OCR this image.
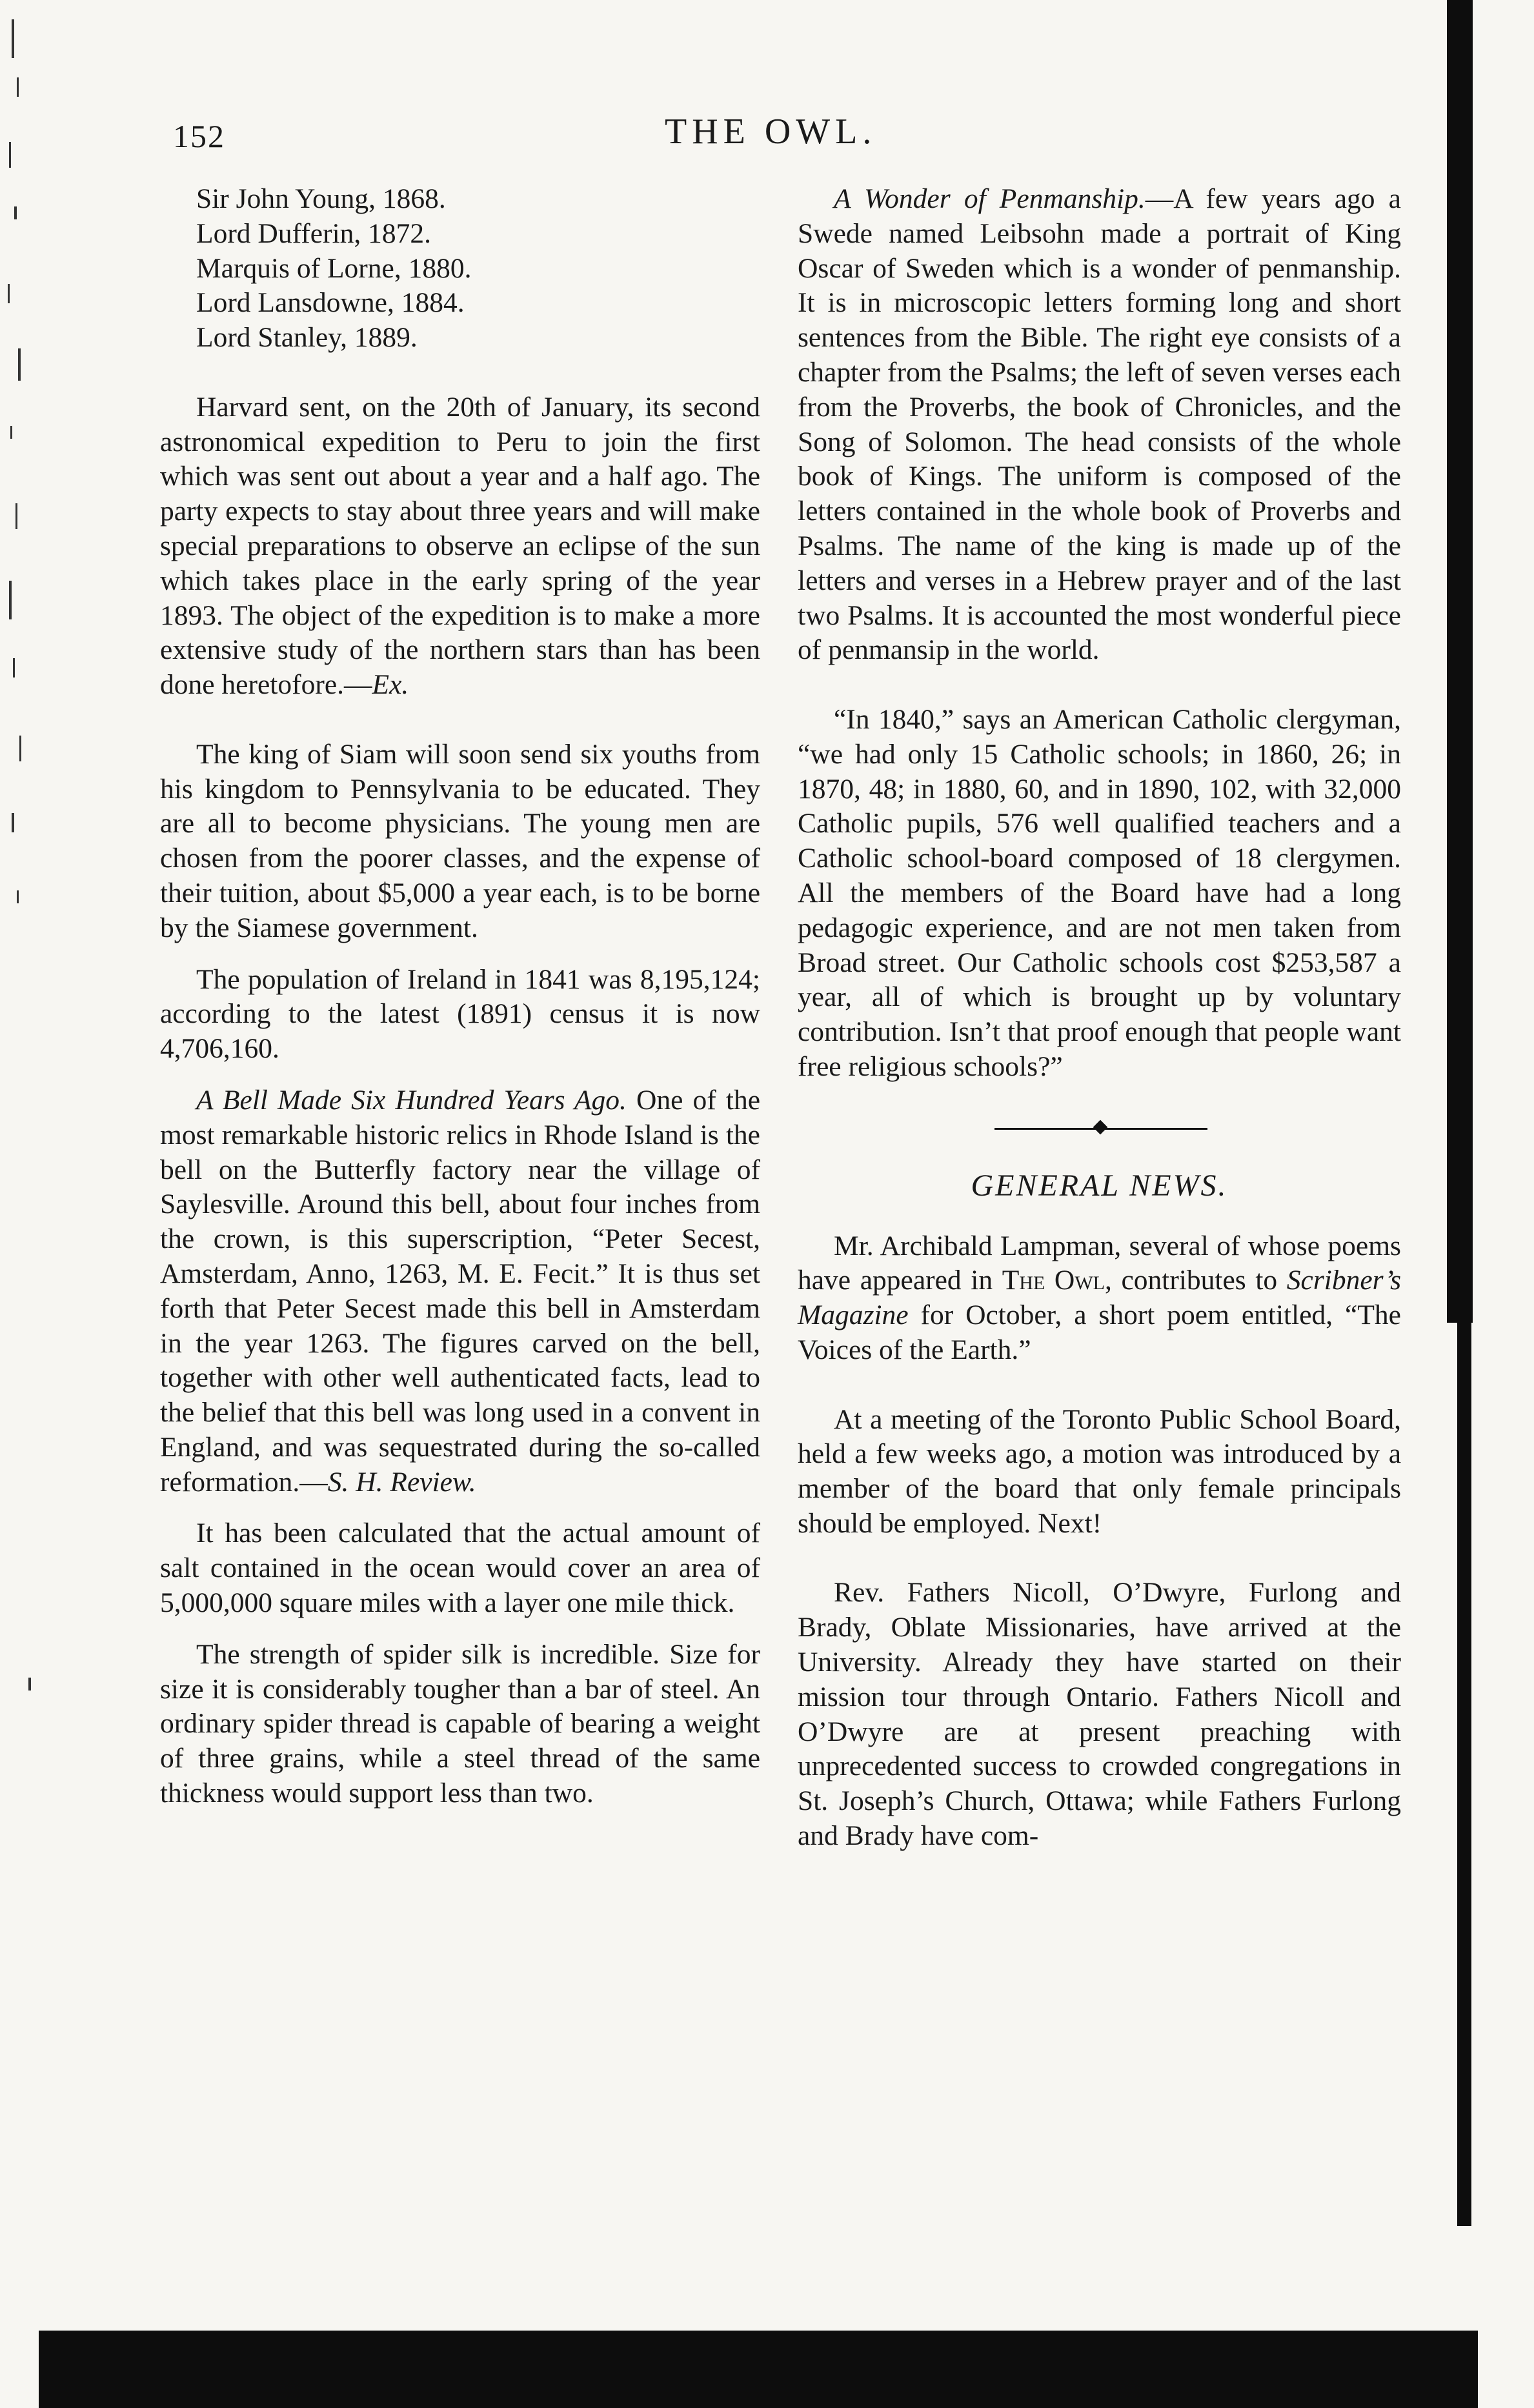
152	THE OWL.
Sir John Young, 1868.
Lord Dufferin, 1872.
Marquis of Lorne, 1880.
Lord Lansdowne, 1884.
Lord Stanley, 1889.

Harvard sent, on the 20th of January, its second astronomical expedition to Peru to join the first which was sent out about a year and a half ago. The party expects to stay about three years and will make special preparations to observe an eclipse of the sun which takes place in the early spring of the year 1893. The object of the expedition is to make a more extensive study of the northern stars than has been done heretofore.—Ex.

The king of Siam will soon send six youths from his kingdom to Pennsylvania to be educated. They are all to become physicians. The young men are chosen from the poorer classes, and the expense of their tuition, about $5,000 a year each, is to be borne by the Siamese government.

The population of Ireland in 1841 was 8,195,124; according to the latest (1891) census it is now 4,706,160.

A Bell Made Six Hundred Years Ago. One of the most remarkable historic relics in Rhode Island is the bell on the Butterfly factory near the village of Saylesville. Around this bell, about four inches from the crown, is this superscription, “Peter Secest, Amsterdam, Anno, 1263, M. E. Fecit.” It is thus set forth that Peter Secest made this bell in Amsterdam in the year 1263. The figures carved on the bell, together with other well authenticated facts, lead to the belief that this bell was long used in a convent in England, and was sequestrated during the so-called reformation.—S. H. Review.

It has been calculated that the actual amount of salt contained in the ocean would cover an area of 5,000,000 square miles with a layer one mile thick.

The strength of spider silk is incredible. Size for size it is considerably tougher than a bar of steel. An ordinary spider thread is capable of bearing a weight of three grains, while a steel thread of the same thickness would support less than two.

A Wonder of Penmanship.—A few years ago a Swede named Leibsohn made a portrait of King Oscar of Sweden which is a wonder of penmanship. It is in microscopic letters forming long and short sentences from the Bible. The right eye consists of a chapter from the Psalms; the left of seven verses each from the Proverbs, the book of Chronicles, and the Song of Solomon. The head consists of the whole book of Kings. The uniform is composed of the letters contained in the whole book of Proverbs and Psalms. The name of the king is made up of the letters and verses in a Hebrew prayer and of the last two Psalms. It is accounted the most wonderful piece of penmansip in the world.

“In 1840,” says an American Catholic clergyman, “we had only 15 Catholic schools; in 1860, 26; in 1870, 48; in 1880, 60, and in 1890, 102, with 32,000 Catholic pupils, 576 well qualified teachers and a Catholic school-board composed of 18 clergymen. All the members of the Board have had a long pedagogic experience, and are not men taken from Broad street. Our Catholic schools cost $253,587 a year, all of which is brought up by voluntary contribution. Isn’t that proof enough that people want free religious schools?”

GENERAL NEWS.

Mr. Archibald Lampman, several of whose poems have appeared in The Owl, contributes to Scribner’s Magazine for October, a short poem entitled, “The Voices of the Earth.”

At a meeting of the Toronto Public School Board, held a few weeks ago, a motion was introduced by a member of the board that only female principals should be employed. Next!

Rev. Fathers Nicoll, O’Dwyre, Furlong and Brady, Oblate Missionaries, have arrived at the University. Already they have started on their mission tour through Ontario. Fathers Nicoll and O’Dwyre are at present preaching with unprecedented success to crowded congregations in St. Joseph’s Church, Ottawa; while Fathers Furlong and Brady have com-
